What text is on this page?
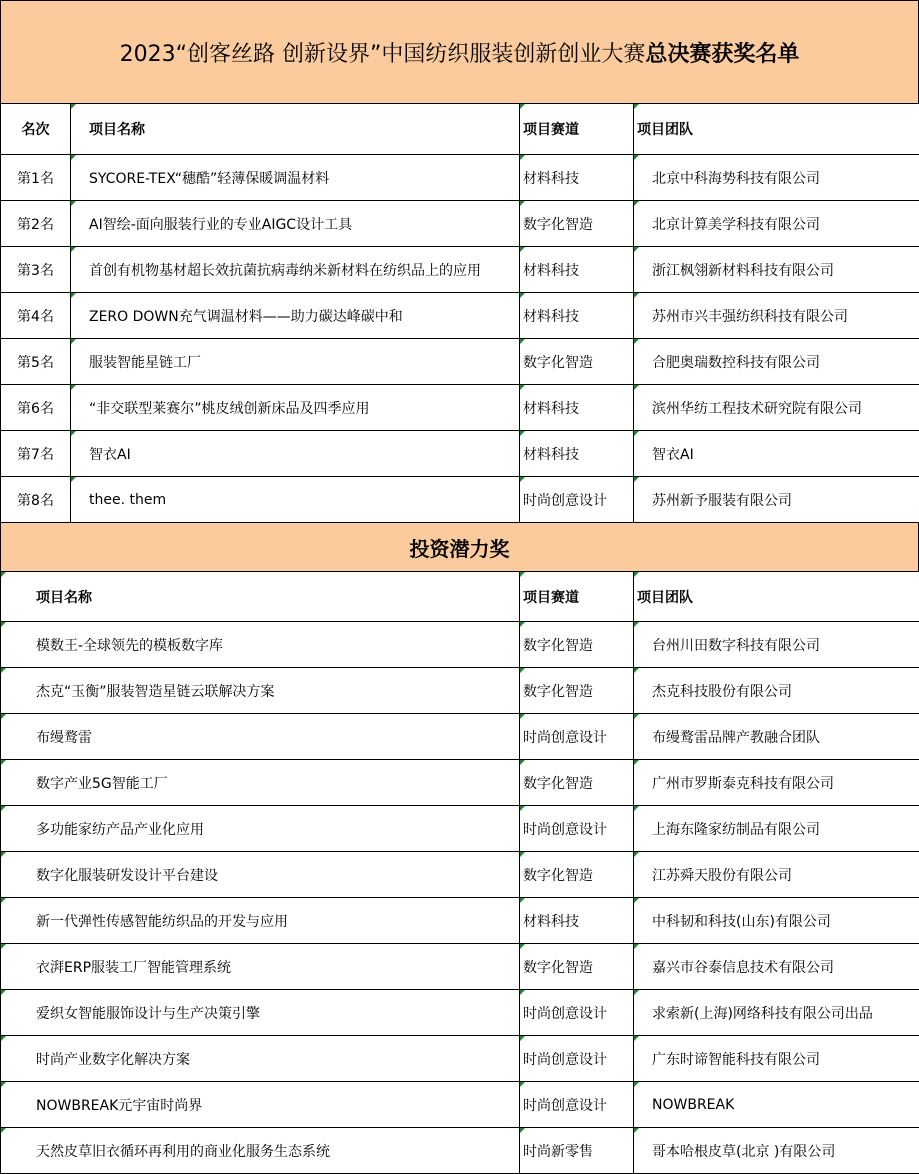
2023“创客丝路 创新设界”中国纺织服装创新创业大赛 总决赛获奖名单
名次	项目名称	项目赛道	项目团队
第1名	SYCORE-TEX“穗酷”轻薄保暖调温材料	材料科技	北京中科海势科技有限公司
第2名	AI智绘-面向服装行业的专业AIGC设计工具	数字化智造	北京计算美学科技有限公司
第3名	首创有机物基材超长效抗菌抗病毒纳米新材料在纺织品上的应用	材料科技	浙江枫翎新材料科技有限公司
第4名	ZERO DOWN充气调温材料——助力碳达峰碳中和	材料科技	苏州市兴丰强纺织科技有限公司
第5名	服装智能星链工厂	数字化智造	合肥奥瑞数控科技有限公司
第6名	“非交联型莱赛尔”桃皮绒创新床品及四季应用	材料科技	滨州华纺工程技术研究院有限公司
第7名	智衣AI	材料科技	智衣AI
第8名	thee. them	时尚创意设计	苏州新予服装有限公司
投资潜力奖
项目名称	项目赛道	项目团队
模数王-全球领先的模板数字库	数字化智造	台州川田数字科技有限公司
杰克“玉衡”服装智造星链云联解决方案	数字化智造	杰克科技股份有限公司
布缦鹜雷	时尚创意设计	布缦鹜雷品牌产教融合团队
数字产业5G智能工厂	数字化智造	广州市罗斯泰克科技有限公司
多功能家纺产品产业化应用	时尚创意设计	上海东隆家纺制品有限公司
数字化服装研发设计平台建设	数字化智造	江苏舜天股份有限公司
新一代弹性传感智能纺织品的开发与应用	材料科技	中科韧和科技(山东)有限公司
衣湃ERP服装工厂智能管理系统	数字化智造	嘉兴市谷泰信息技术有限公司
爱织女智能服饰设计与生产决策引擎	时尚创意设计	求索新(上海)网络科技有限公司出品
时尚产业数字化解决方案	时尚创意设计	广东时谛智能科技有限公司
NOWBREAK元宇宙时尚界	时尚创意设计	NOWBREAK
天然皮草旧衣循环再利用的商业化服务生态系统	时尚新零售	哥本哈根皮草(北京 )有限公司
